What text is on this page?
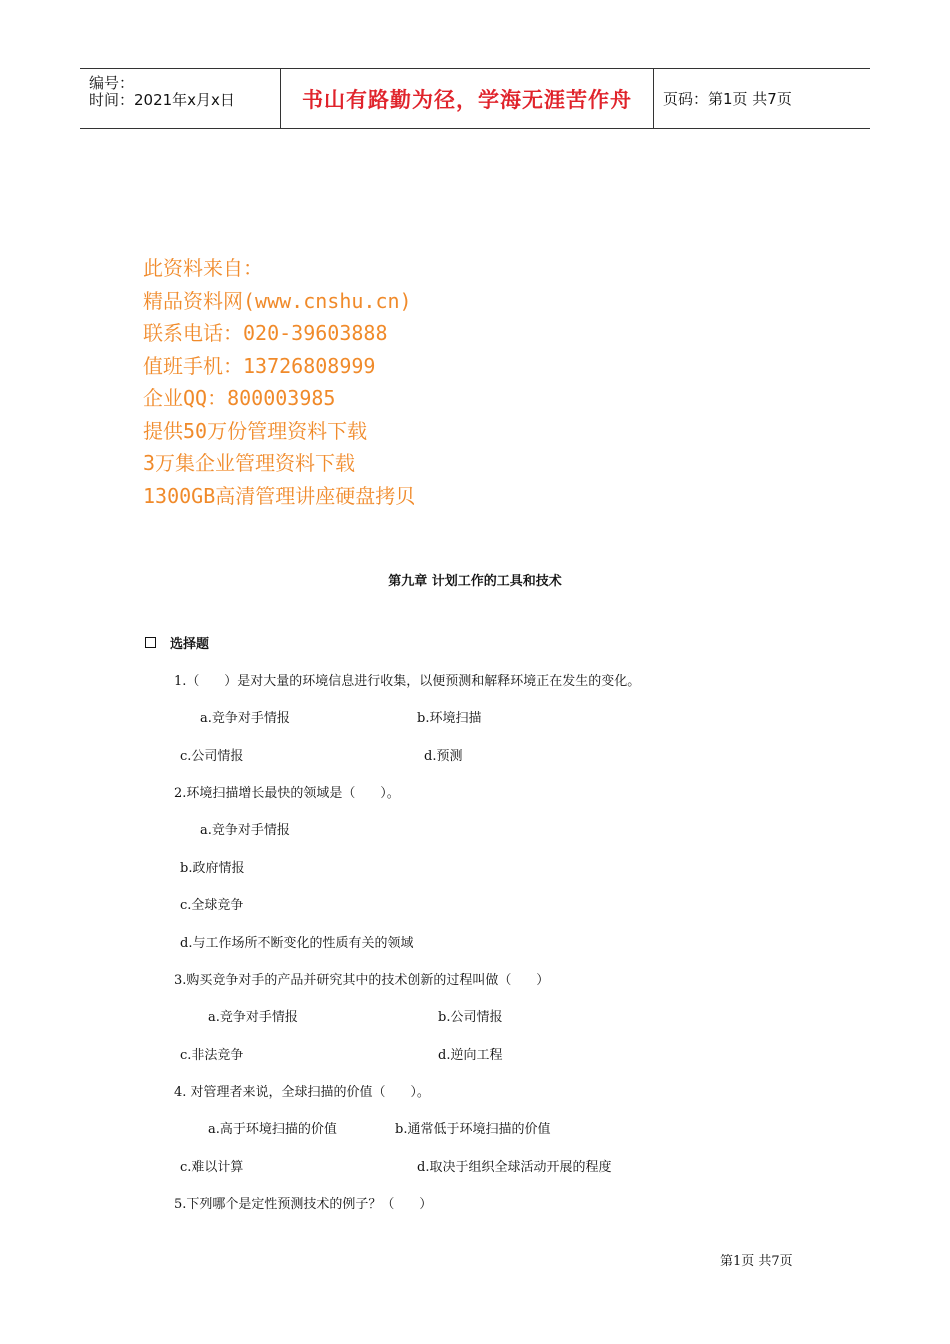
编号：
时间：2021年x月x日	书山有路勤为径，学海无涯苦作舟 页码：第1页 共7页
此资料来自：
精品资料网(www.cnshu.cn)
联系电话：020-39603888
值班手机：13726808999
企业QQ：800003985
提供50万份管理资料下载
3万集企业管理资料下载
1300GB高清管理讲座硬盘拷贝
第九章 计划工作的工具和技术
选择题
1.（      ）是对大量的环境信息进行收集，以便预测和解释环境正在发生的变化。
a.竞争对手情报	b.环境扫描
c.公司情报	d.预测
2.环境扫描增长最快的领域是（      ）。
a.竞争对手情报
b.政府情报
c.全球竞争
d.与工作场所不断变化的性质有关的领域
3.购买竞争对手的产品并研究其中的技术创新的过程叫做（      ）
a.竞争对手情报	b.公司情报
c.非法竞争	d.逆向工程
4. 对管理者来说，全球扫描的价值（      ）。
a.高于环境扫描的价值	b.通常低于环境扫描的价值
c.难以计算	d.取决于组织全球活动开展的程度
5.下列哪个是定性预测技术的例子？（      ）
第1页 共7页
